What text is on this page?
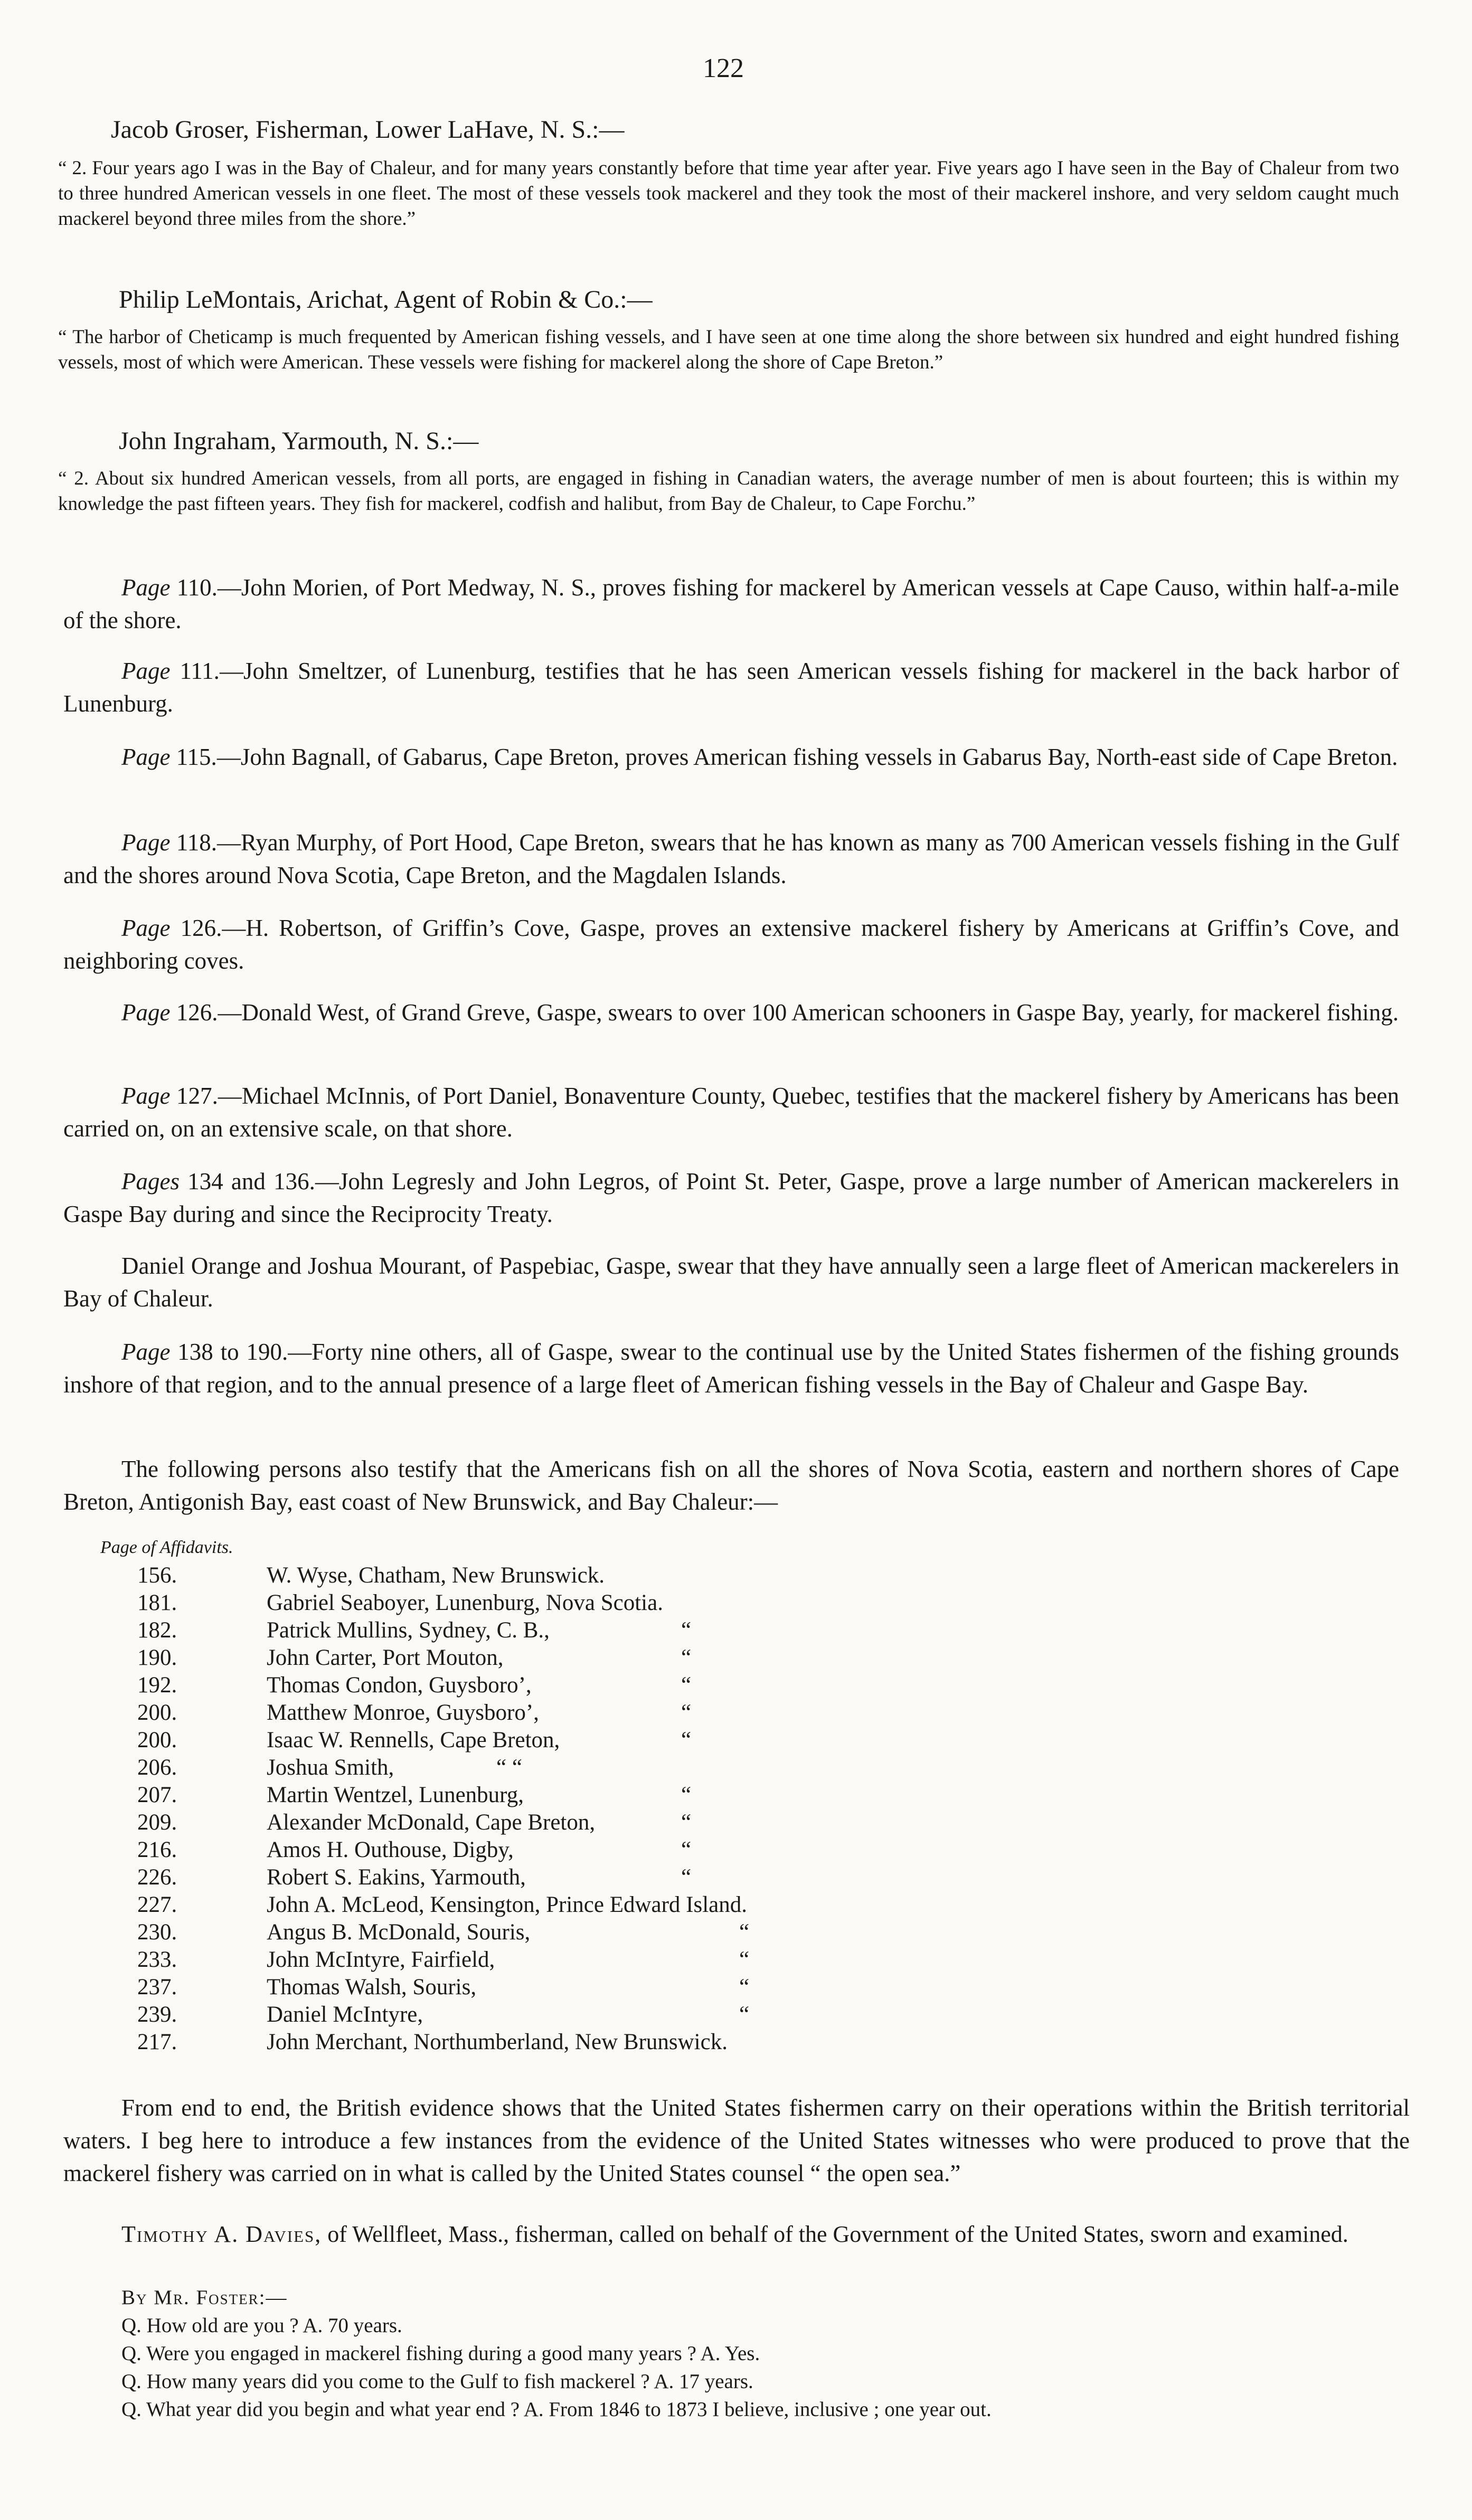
122
Jacob Groser, Fisherman, Lower LaHave, N. S.:—

“ 2. Four years ago I was in the Bay of Chaleur, and for many years constantly before that time year after year. Five years ago I have seen in the Bay of Chaleur from two to three hundred American vessels in one fleet. The most of these vessels took mackerel and they took the most of their mackerel inshore, and very seldom caught much mackerel beyond three miles from the shore.”

Philip LeMontais, Arichat, Agent of Robin & Co.:—

“ The harbor of Cheticamp is much frequented by American fishing vessels, and I have seen at one time along the shore between six hundred and eight hundred fishing vessels, most of which were American. These vessels were fishing for mackerel along the shore of Cape Breton.”

John Ingraham, Yarmouth, N. S.:—

“ 2. About six hundred American vessels, from all ports, are engaged in fishing in Canadian waters, the average number of men is about fourteen; this is within my knowledge the past fifteen years. They fish for mackerel, codfish and halibut, from Bay de Chaleur, to Cape Forchu.”

Page 110.—John Morien, of Port Medway, N. S., proves fishing for mackerel by American vessels at Cape Causo, within half-a-mile of the shore.

Page 111.—John Smeltzer, of Lunenburg, testifies that he has seen American vessels fishing for mackerel in the back harbor of Lunenburg.

Page 115.—John Bagnall, of Gabarus, Cape Breton, proves American fishing vessels in Gabarus Bay, North-east side of Cape Breton.

Page 118.—Ryan Murphy, of Port Hood, Cape Breton, swears that he has known as many as 700 American vessels fishing in the Gulf and the shores around Nova Scotia, Cape Breton, and the Magdalen Islands.

Page 126.—H. Robertson, of Griffin’s Cove, Gaspe, proves an extensive mackerel fishery by Americans at Griffin’s Cove, and neighboring coves.

Page 126.—Donald West, of Grand Greve, Gaspe, swears to over 100 American schooners in Gaspe Bay, yearly, for mackerel fishing.

Page 127.—Michael McInnis, of Port Daniel, Bonaventure County, Quebec, testifies that the mackerel fishery by Americans has been carried on, on an extensive scale, on that shore.

Pages 134 and 136.—John Legresly and John Legros, of Point St. Peter, Gaspe, prove a large number of American mackerelers in Gaspe Bay during and since the Reciprocity Treaty.

Daniel Orange and Joshua Mourant, of Paspebiac, Gaspe, swear that they have annually seen a large fleet of American mackerelers in Bay of Chaleur.

Page 138 to 190.—Forty nine others, all of Gaspe, swear to the continual use by the United States fishermen of the fishing grounds inshore of that region, and to the annual presence of a large fleet of American fishing vessels in the Bay of Chaleur and Gaspe Bay.

The following persons also testify that the Americans fish on all the shores of Nova Scotia, eastern and northern shores of Cape Breton, Antigonish Bay, east coast of New Brunswick, and Bay Chaleur:—

Page of Affidavits.
156.	W. Wyse, Chatham, New Brunswick.
181.	Gabriel Seaboyer, Lunenburg, Nova Scotia.
182.	Patrick Mullins, Sydney, C. B.,	“
190.	John Carter, Port Mouton,	“
192.	Thomas Condon, Guysboro’,	“
200.	Matthew Monroe, Guysboro’,	“
200.	Isaac W. Rennells, Cape Breton,	“
206.	Joshua Smith,	“ “
207.	Martin Wentzel, Lunenburg,	“
209.	Alexander McDonald, Cape Breton,	“
216.	Amos H. Outhouse, Digby,	“
226.	Robert S. Eakins, Yarmouth,	“
227.	John A. McLeod, Kensington, Prince Edward Island.
230.	Angus B. McDonald, Souris,	“
233.	John McIntyre, Fairfield,	“
237.	Thomas Walsh, Souris,	“
239.	Daniel McIntyre,	“
217.	John Merchant, Northumberland, New Brunswick.

From end to end, the British evidence shows that the United States fishermen carry on their operations within the British territorial waters. I beg here to introduce a few instances from the evidence of the United States witnesses who were produced to prove that the mackerel fishery was carried on in what is called by the United States counsel “ the open sea.”

Timothy A. Davies, of Wellfleet, Mass., fisherman, called on behalf of the Government of the United States, sworn and examined.

By Mr. Foster:—
Q. How old are you ? A. 70 years.
Q. Were you engaged in mackerel fishing during a good many years ? A. Yes.
Q. How many years did you come to the Gulf to fish mackerel ? A. 17 years.
Q. What year did you begin and what year end ? A. From 1846 to 1873 I believe, inclusive ; one year out.
